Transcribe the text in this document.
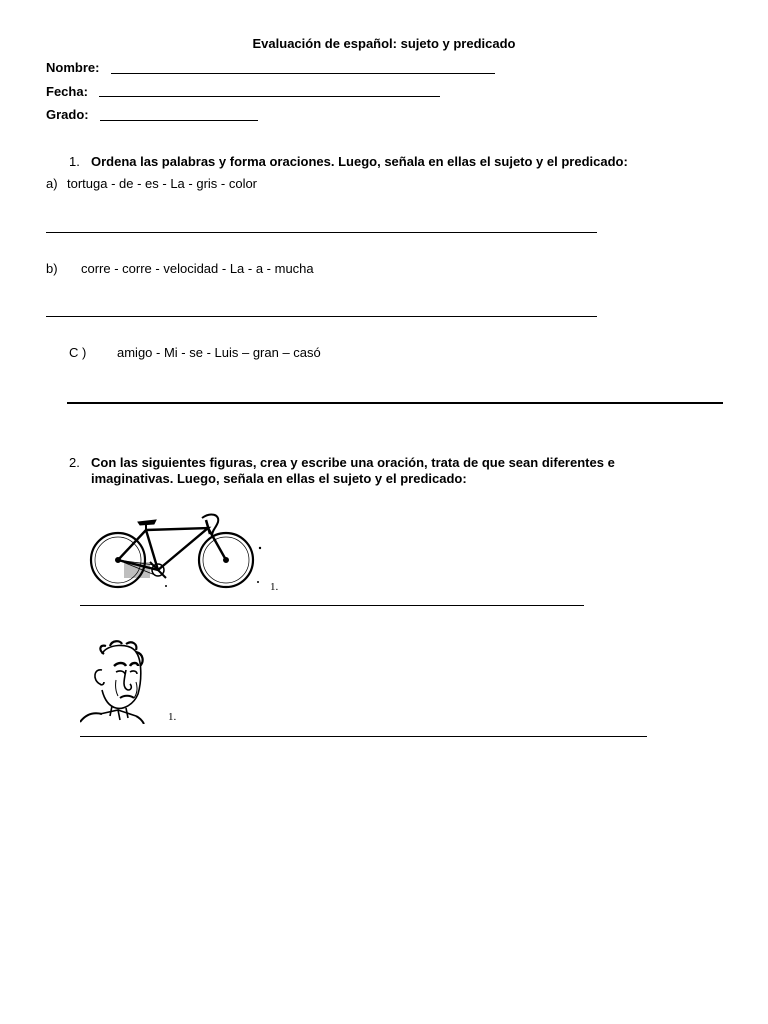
Evaluación de español: sujeto y predicado
Nombre:
Fecha:
Grado:
1. Ordena las palabras y forma oraciones. Luego, señala en ellas el sujeto y el predicado:
a) tortuga - de - es - La - gris - color
b) corre - corre - velocidad - La - a - mucha
C ) amigo - Mi - se - Luis – gran – casó
2. Con las siguientes figuras, crea y escribe una oración, trata de que sean diferentes e
imaginativas. Luego, señala en ellas el sujeto y el predicado:
1.
1.
